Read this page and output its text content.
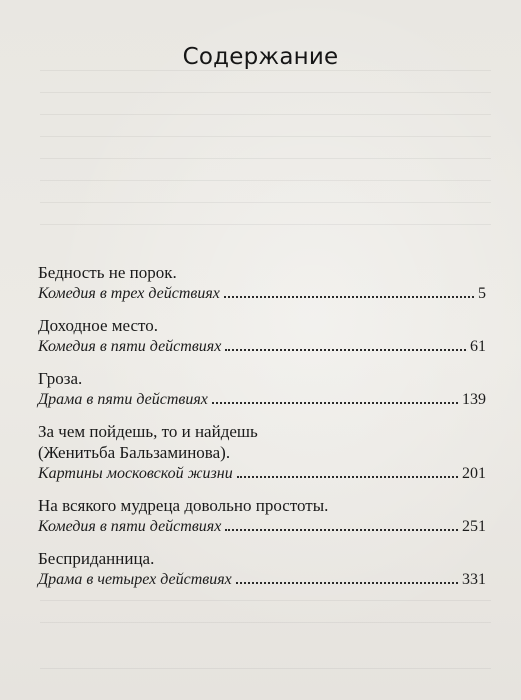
Содержание
Бедность не порок.
Комедия в трех действиях	5
Доходное место.
Комедия в пяти действиях	61
Гроза.
Драма в пяти действиях	139
За чем пойдешь, то и найдешь
(Женитьба Бальзаминова).
Картины московской жизни	201
На всякого мудреца довольно простоты.
Комедия в пяти действиях	251
Бесприданница.
Драма в четырех действиях	331
